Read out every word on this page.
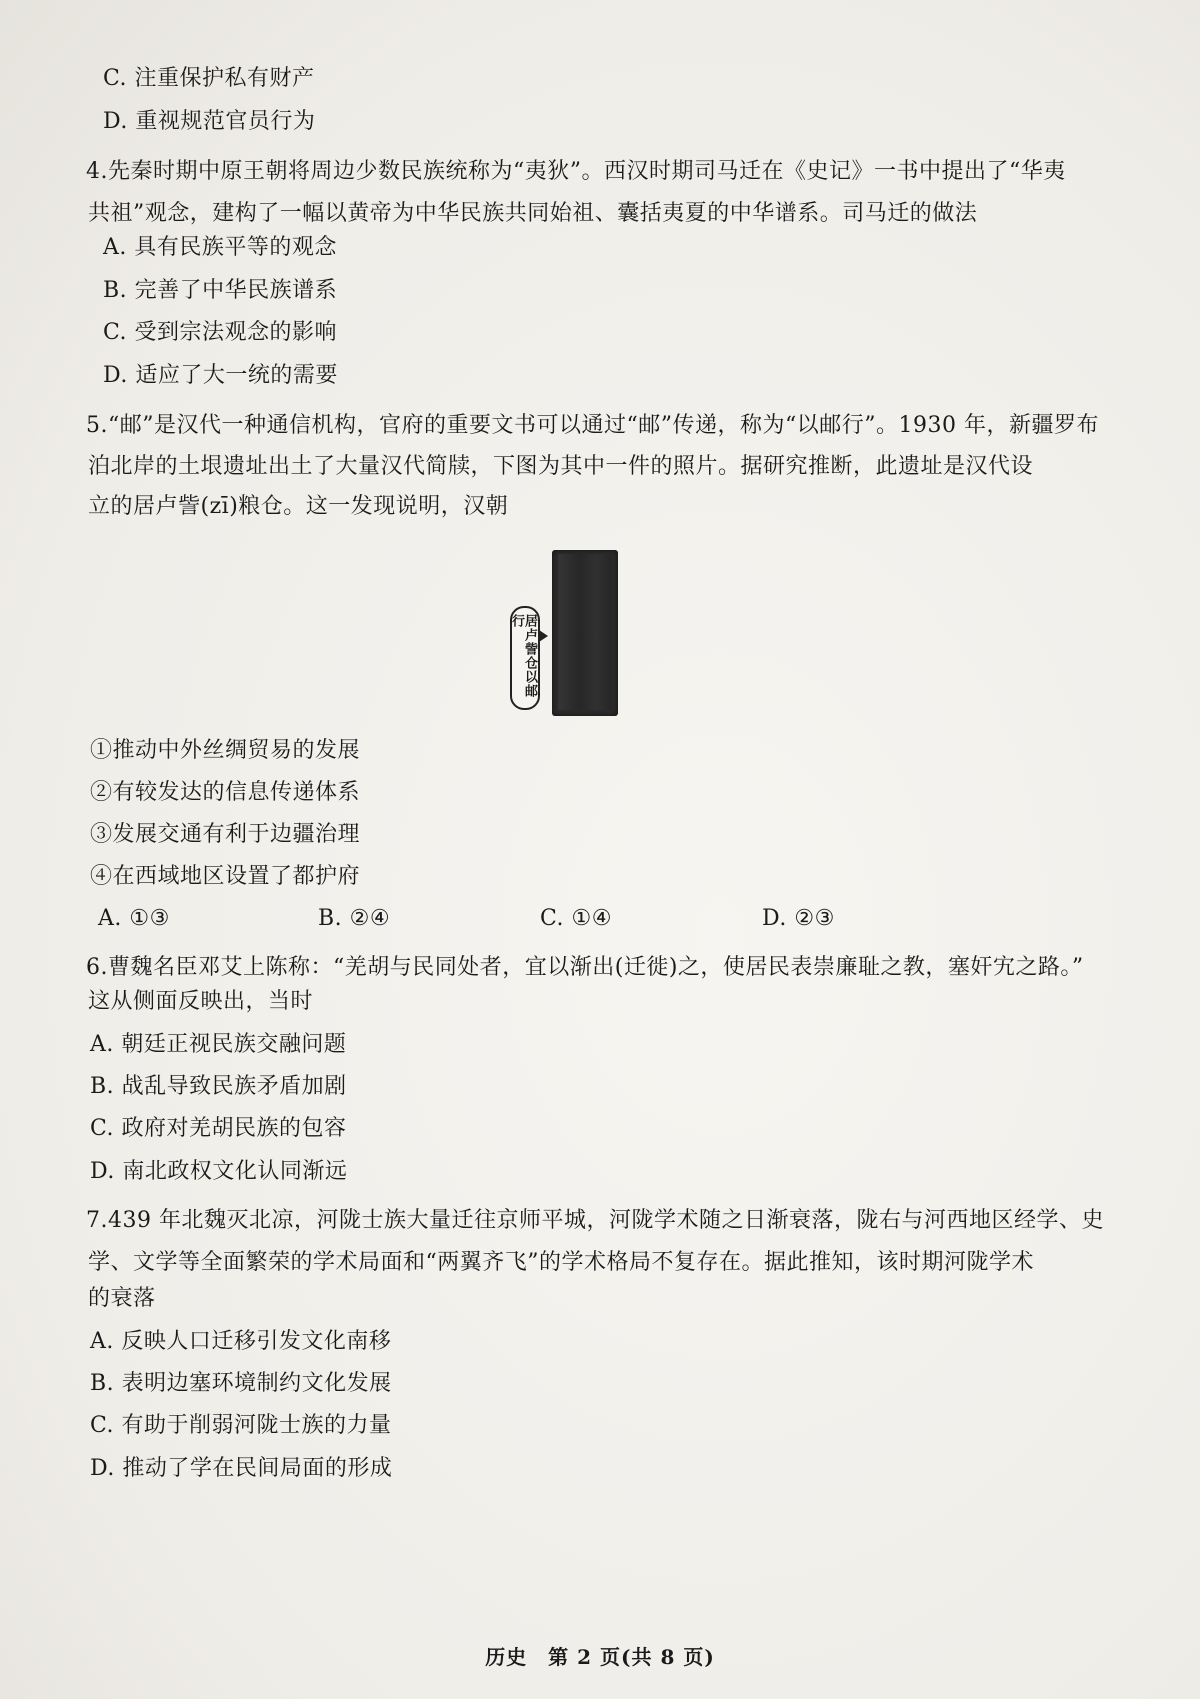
C. 注重保护私有财产
D. 重视规范官员行为
4.先秦时期中原王朝将周边少数民族统称为“夷狄”。西汉时期司马迁在《史记》一书中提出了“华夷
共祖”观念，建构了一幅以黄帝为中华民族共同始祖、囊括夷夏的中华谱系。司马迁的做法
A. 具有民族平等的观念
B. 完善了中华民族谱系
C. 受到宗法观念的影响
D. 适应了大一统的需要
5.“邮”是汉代一种通信机构，官府的重要文书可以通过“邮”传递，称为“以邮行”。1930 年，新疆罗布
泊北岸的土垠遗址出土了大量汉代简牍，下图为其中一件的照片。据研究推断，此遗址是汉代设
立的居卢訾(zī)粮仓。这一发现说明，汉朝
居卢訾仓以邮行
①推动中外丝绸贸易的发展
②有较发达的信息传递体系
③发展交通有利于边疆治理
④在西域地区设置了都护府
A. ①③	B. ②④	C. ①④	D. ②③
6.曹魏名臣邓艾上陈称：“羌胡与民同处者，宜以渐出(迁徙)之，使居民表崇廉耻之教，塞奸宄之路。”
这从侧面反映出，当时
A. 朝廷正视民族交融问题
B. 战乱导致民族矛盾加剧
C. 政府对羌胡民族的包容
D. 南北政权文化认同渐远
7.439 年北魏灭北凉，河陇士族大量迁往京师平城，河陇学术随之日渐衰落，陇右与河西地区经学、史
学、文学等全面繁荣的学术局面和“两翼齐飞”的学术格局不复存在。据此推知，该时期河陇学术
的衰落
A. 反映人口迁移引发文化南移
B. 表明边塞环境制约文化发展
C. 有助于削弱河陇士族的力量
D. 推动了学在民间局面的形成
历史　第 2 页(共 8 页)
